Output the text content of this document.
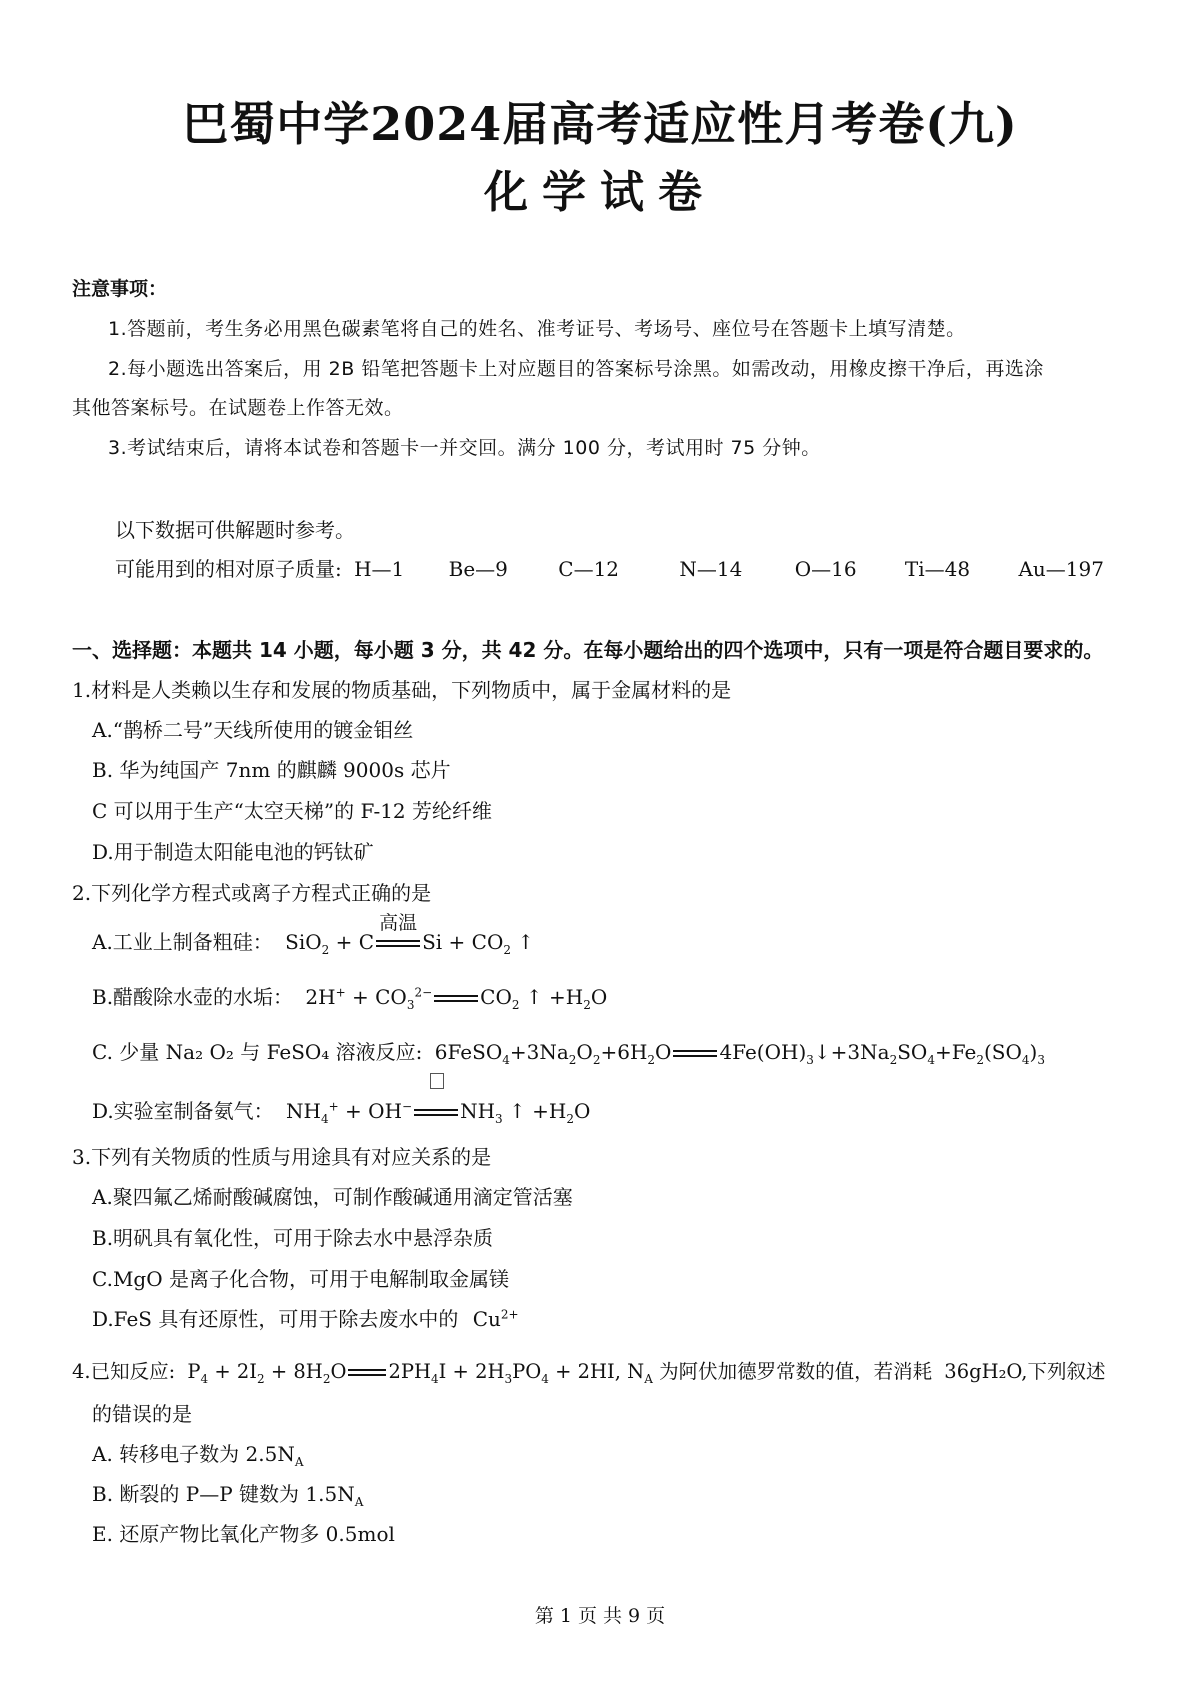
巴蜀中学2024届高考适应性月考卷(九)
化学试卷
注意事项：
1.答题前，考生务必用黑色碳素笔将自己的姓名、准考证号、考场号、座位号在答题卡上填写清楚。
2.每小题选出答案后，用 2B 铅笔把答题卡上对应题目的答案标号涂黑。如需改动，用橡皮擦干净后，再选涂
其他答案标号。在试题卷上作答无效。
3.考试结束后，请将本试卷和答题卡一并交回。满分 100 分，考试用时 75 分钟。
以下数据可供解题时参考。
可能用到的相对原子质量: H—1 Be—9	C—12	N—14	O—16 Ti—48 Au—197
一、选择题：本题共 14 小题，每小题 3 分，共 42 分。在每小题给出的四个选项中，只有一项是符合题目要求的。
1.材料是人类赖以生存和发展的物质基础，下列物质中，属于金属材料的是
A.“鹊桥二号”天线所使用的镀金钼丝
B. 华为纯国产 7nm 的麒麟 9000s 芯片
C 可以用于生产“太空天梯”的 F-12 芳纶纤维
D.用于制造太阳能电池的钙钛矿
2.下列化学方程式或离子方程式正确的是
A.工业上制备粗硅： SiO$_2$ + C
高温
$Si + CO_2$ ↑
B.醋酸除水壶的水垢： $2H^+ + CO_3^{2-}$ $CO_2$ ↑ $+H_2O$
C. 少量 Na₂ O₂ 与 FeSO₄ 溶液反应: $6FeSO_4+3Na_2O_2+6H_2O$ $4Fe(OH)_3↓+3Na_2SO_4+Fe_2(SO_4)_3$
D.实验室制备氨气： $NH_4^+ + OH^-$ $NH_3$ ↑ $+H_2O$
3.下列有关物质的性质与用途具有对应关系的是
A.聚四氟乙烯耐酸碱腐蚀，可制作酸碱通用滴定管活塞
B.明矾具有氧化性，可用于除去水中悬浮杂质
C.MgO 是离子化合物，可用于电解制取金属镁
D.FeS 具有还原性，可用于除去废水中的 $Cu^{2+}$
4.已知反应: $P_4 + 2I_2 + 8H_2O$ $2PH_4I + 2H_3PO_4 + 2HI$, $N_A$ 为阿伏加德罗常数的值，若消耗 36gH₂O,下列叙述
的错误的是
A. 转移电子数为 $2.5N_A$
B. 断裂的 P—P 键数为 $1.5N_A$
E. 还原产物比氧化产物多 0.5mol
第 1 页 共 9 页
